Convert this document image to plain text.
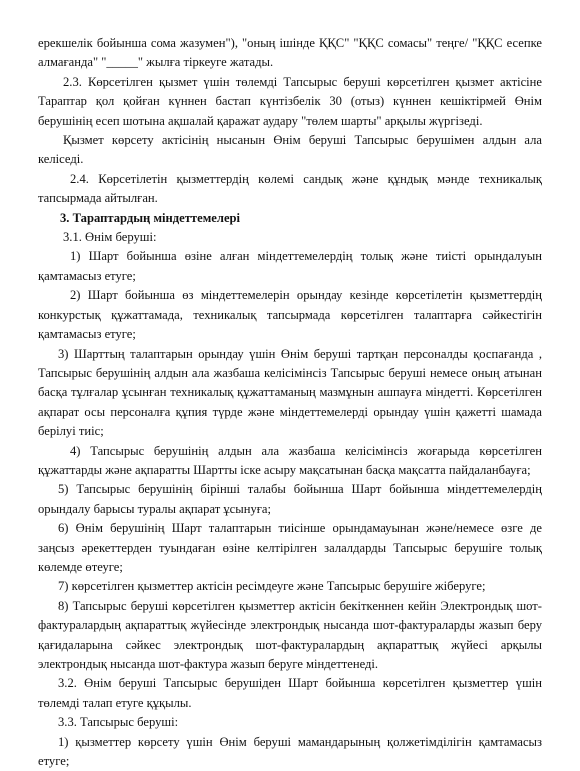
ерекшелік бойынша сома жазумен"), "оның ішінде ҚҚС" "ҚҚС сомасы" теңге/ "ҚҚС есепке алмағанда" "_____" жылға тіркеуге жатады.

2.3. Көрсетілген қызмет үшін төлемді Тапсырыс беруші көрсетілген қызмет актісіне Тараптар қол қойған күннен бастап күнтізбелік 30 (отыз) күннен кешіктірмей Өнім берушінің есеп шотына ақшалай қаражат аудару "төлем шарты" арқылы жүргізеді.

Қызмет көрсету актісінің нысанын Өнім беруші Тапсырыс берушімен алдын ала келіседі.

2.4. Көрсетілетін қызметтердің көлемі сандық және құндық мәнде техникалық тапсырмада айтылған.

3. Тараптардың міндеттемелері

3.1. Өнім беруші:

1) Шарт бойынша өзіне алған міндеттемелердің толық және тиісті орындалуын қамтамасыз етуге;

2) Шарт бойынша өз міндеттемелерін орындау кезінде көрсетілетін қызметтердің конкурстық құжаттамада, техникалық тапсырмада көрсетілген талаптарға сәйкестігін қамтамасыз етуге;

3) Шарттың талаптарын орындау үшін Өнім беруші тартқан персоналды қоспағанда , Тапсырыс берушінің алдын ала жазбаша келісімінсіз Тапсырыс беруші немесе оның атынан басқа тұлғалар ұсынған техникалық құжаттаманың мазмұнын ашпауға міндетті. Көрсетілген ақпарат осы персоналға құпия түрде және міндеттемелерді орындау үшін қажетті шамада берілуі тиіс;

4) Тапсырыс берушінің алдын ала жазбаша келісімінсіз жоғарыда көрсетілген құжаттарды және ақпаратты Шартты іске асыру мақсатынан басқа мақсатта пайдаланбауға;

5) Тапсырыс берушінің бірінші талабы бойынша Шарт бойынша міндеттемелердің орындалу барысы туралы ақпарат ұсынуға;

6) Өнім берушінің Шарт талаптарын тиісінше орындамауынан және/немесе өзге де заңсыз әрекеттерден туындаған өзіне келтірілген залалдарды Тапсырыс берушіге толық көлемде өтеуге;

7) көрсетілген қызметтер актісін ресімдеуге және Тапсырыс берушіге жіберуге;

8) Тапсырыс беруші көрсетілген қызметтер актісін бекіткеннен кейін Электрондық шот-фактуралардың ақпараттық жүйесінде электрондық нысанда шот-фактураларды жазып беру қағидаларына сәйкес электрондық шот-фактуралардың ақпараттық жүйесі арқылы электрондық нысанда шот-фактура жазып беруге міндеттенеді.

3.2. Өнім беруші Тапсырыс берушіден Шарт бойынша көрсетілген қызметтер үшін төлемді талап етуге құқылы.

3.3. Тапсырыс беруші:

1) қызметтер көрсету үшін Өнім беруші мамандарының қолжетімділігін қамтамасыз етуге;
